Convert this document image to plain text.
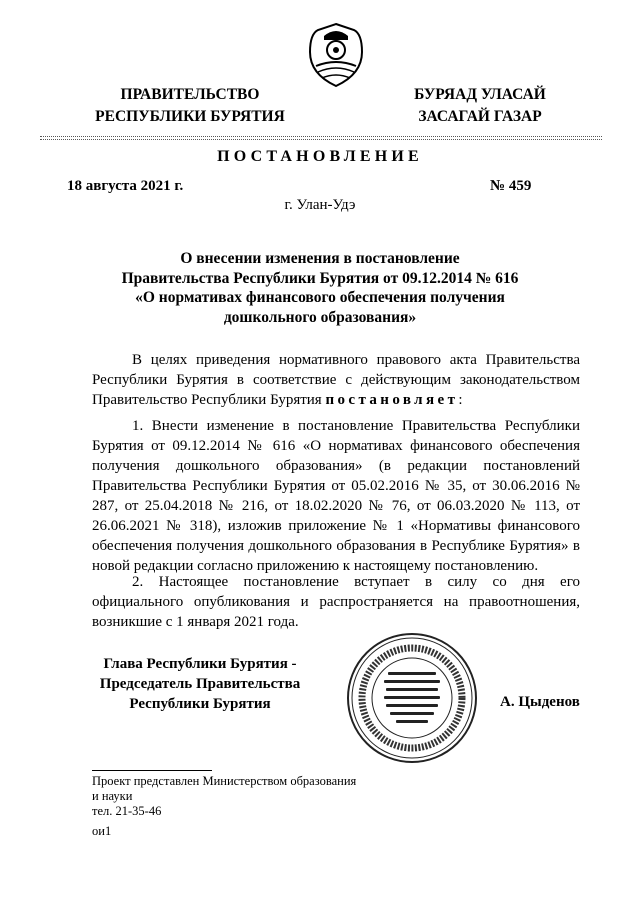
ПРАВИТЕЛЬСТВО
РЕСПУБЛИКИ БУРЯТИЯ
БУРЯАД УЛАСАЙ
ЗАСАГАЙ ГАЗАР
ПОСТАНОВЛЕНИЕ
18 августа 2021 г.	№ 459
г. Улан-Удэ
О внесении изменения в постановление
Правительства Республики Бурятия от 09.12.2014 № 616
«О нормативах финансового обеспечения получения
дошкольного образования»
В целях приведения нормативного правового акта Правительства Республики Бурятия в соответствие с действующим законодательством Правительство Республики Бурятия постановляет:
1. Внести изменение в постановление Правительства Республики Бурятия от 09.12.2014 № 616 «О нормативах финансового обеспечения получения дошкольного образования» (в редакции постановлений Правительства Республики Бурятия от 05.02.2016 № 35, от 30.06.2016 № 287, от 25.04.2018 № 216, от 18.02.2020 № 76, от 06.03.2020 № 113, от 26.06.2021 № 318), изложив приложение № 1 «Нормативы финансового обеспечения получения дошкольного образования в Республике Бурятия» в новой редакции согласно приложению к настоящему постановлению.
2. Настоящее постановление вступает в силу со дня его официального опубликования и распространяется на правоотношения, возникшие с 1 января 2021 года.
Глава Республики Бурятия -
Председатель Правительства
Республики Бурятия	А. Цыденов
Проект представлен Министерством образования
и науки
тел. 21-35-46
ои1
